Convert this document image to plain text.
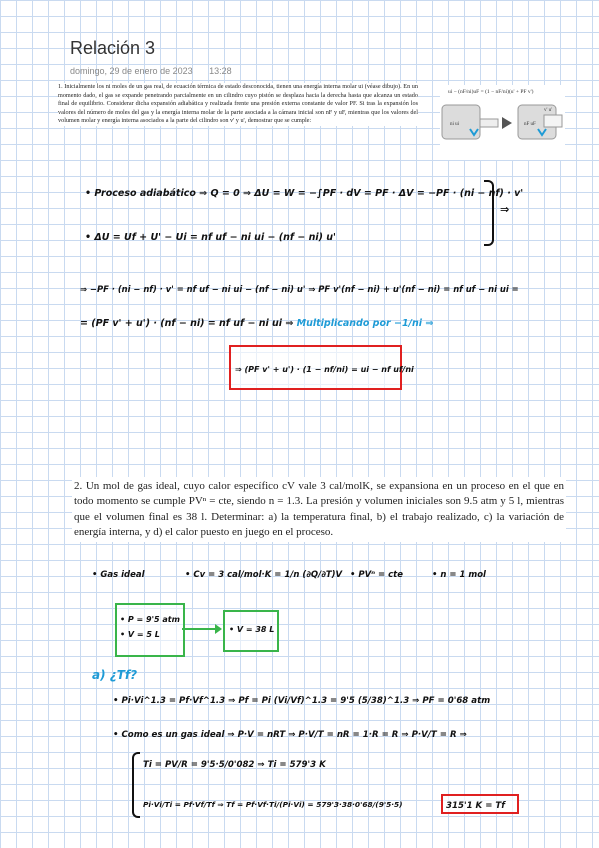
Relación 3
domingo, 29 de enero de 2023 13:28
1. Inicialmente los ni moles de un gas real, de ecuación térmica de estado desconocida, tienen una energía interna molar ui (véase dibujo). En un momento dado, el gas se expande penetrando parcialmente en un cilindro cuyo pistón se desplaza hacia la derecha hasta que alcanza un estado final de equilibrio. Considerar dicha expansión adiabática y realizada frente una presión externa constante de valor PF. Si tras la expansión los valores del número de moles del gas y la energía interna molar de la parte asociada a la cámara inicial son nF y uF, mientras que los valores del volumen molar y energía interna asociados a la parte del cilindro son v' y u', demostrar que se cumple:
ui − (nF/ni)uF = (1 − nF/ni)(u' + PF v')
ni ui	nF uF
v' u'
• Proceso adiabático ⇒ Q = 0 ⇒ ΔU = W = −∫PF · dV = PF · ΔV = −PF · (ni − nf) · v'
⇒
• ΔU = Uf + U' − Ui = nf uf − ni ui − (nf − ni) u'
⇒ −PF · (ni − nf) · v' = nf uf − ni ui − (nf − ni) u' ⇒ PF v'(nf − ni) + u'(nf − ni) = nf uf − ni ui =
= (PF v' + u') · (nf − ni) = nf uf − ni ui ⇒ Multiplicando por −1/ni ⇒
⇒ (PF v' + u') · (1 − nf/ni) = ui − nf uf/ni
2. Un mol de gas ideal, cuyo calor específico cV vale 3 cal/molK, se expansiona en un proceso en el que en todo momento se cumple PVⁿ = cte, siendo n = 1.3. La presión y volumen iniciales son 9.5 atm y 5 l, mientras que el volumen final es 38 l. Determinar: a) la temperatura final, b) el trabajo realizado, c) la variación de energía interna, y d) el calor puesto en juego en el proceso.
• Gas ideal	• Cv = 3 cal/mol·K = 1/n (∂Q/∂T)V • PVⁿ = cte	• n = 1 mol
• P = 9'5 atm
• V = 5 L
• V = 38 L
a) ¿Tf?
• Pi·Vi^1.3 = Pf·Vf^1.3 ⇒ Pf = Pi (Vi/Vf)^1.3 = 9'5 (5/38)^1.3 ⇒ PF = 0'68 atm
• Como es un gas ideal ⇒ P·V = nRT ⇒ P·V/T = nR = 1·R = R ⇒ P·V/T = R ⇒
Ti = PV/R = 9'5·5/0'082 ⇒ Ti = 579'3 K
Pi·Vi/Ti = Pf·Vf/Tf ⇒ Tf = Pf·Vf·Ti/(Pi·Vi) = 579'3·38·0'68/(9'5·5)	315'1 K = Tf
